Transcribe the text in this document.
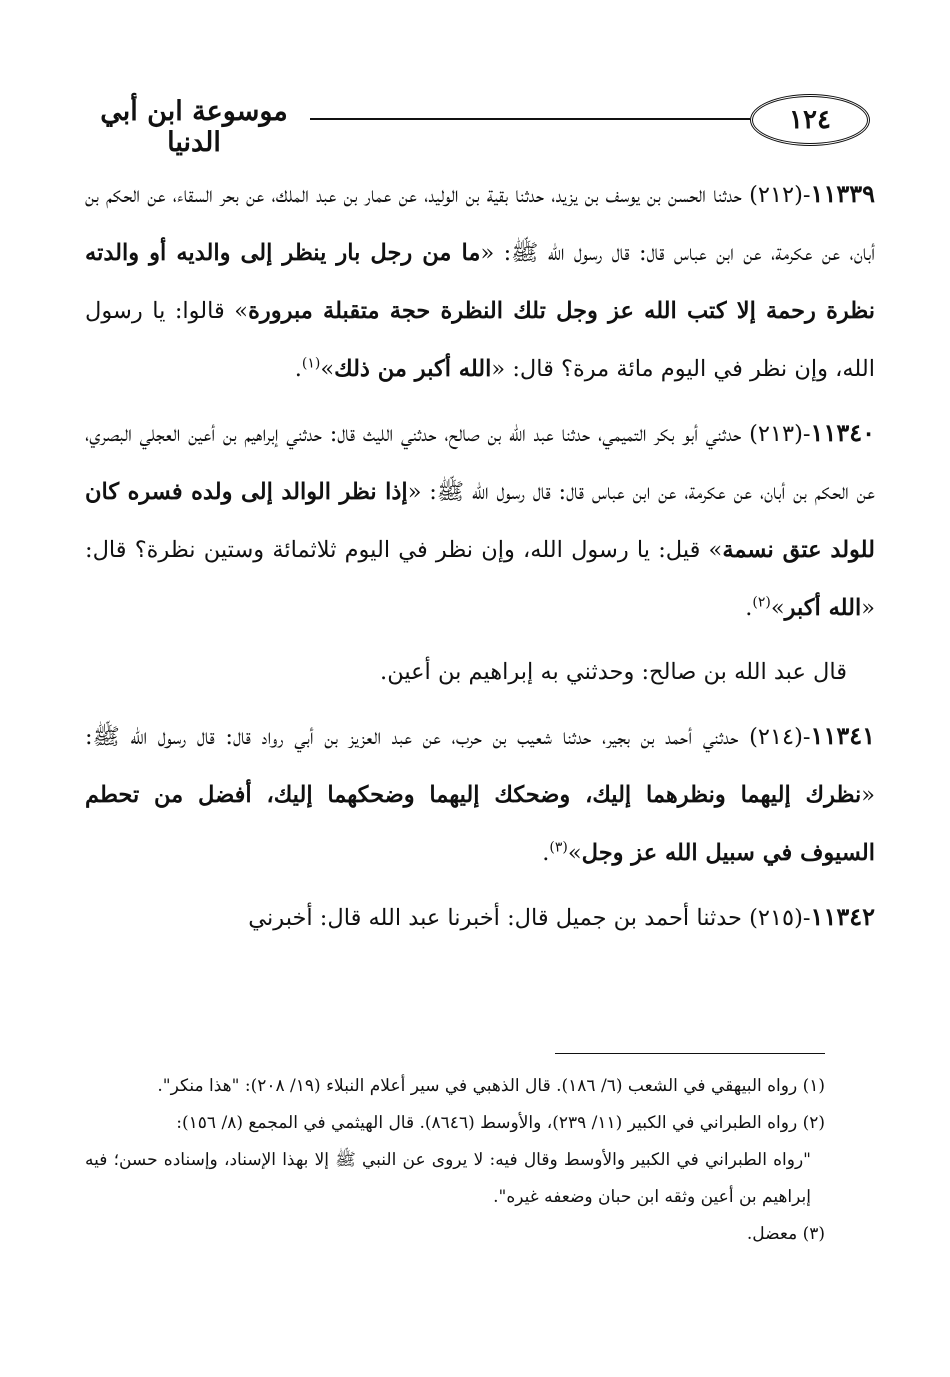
١٢٤
موسوعة ابن أبي الدنيا

١١٣٣٩-(٢١٢) حدثنا الحسن بن يوسف بن يزيد، حدثنا بقية بن الوليد، عن عمار بن عبد الملك، عن بحر السقاء، عن الحكم بن أبان، عن عكرمة، عن ابن عباس قال: قال رسول الله ﷺ: «ما من رجل بار ينظر إلى والديه أو والدته نظرة رحمة إلا كتب الله عز وجل تلك النظرة حجة متقبلة مبرورة» قالوا: يا رسول الله، وإن نظر في اليوم مائة مرة؟ قال: «الله أكبر من ذلك»$^{(١)}$.

١١٣٤٠-(٢١٣) حدثني أبو بكر التميمي، حدثنا عبد الله بن صالح، حدثني الليث قال: حدثني إبراهيم بن أعين العجلي البصري، عن الحكم بن أبان، عن عكرمة، عن ابن عباس قال: قال رسول الله ﷺ: «إذا نظر الوالد إلى ولده فسره كان للولد عتق نسمة» قيل: يا رسول الله، وإن نظر في اليوم ثلاثمائة وستين نظرة؟ قال: «الله أكبر»$^{(٢)}$.

قال عبد الله بن صالح: وحدثني به إبراهيم بن أعين.

١١٣٤١-(٢١٤) حدثني أحمد بن بجير، حدثنا شعيب بن حرب، عن عبد العزيز بن أبي رواد قال: قال رسول الله ﷺ: «نظرك إليهما ونظرهما إليك، وضحكك إليهما وضحكهما إليك، أفضل من تحطم السيوف في سبيل الله عز وجل»$^{(٣)}$.

١١٣٤٢-(٢١٥) حدثنا أحمد بن جميل قال: أخبرنا عبد الله قال: أخبرني

(١) رواه البيهقي في الشعب (٦/ ١٨٦). قال الذهبي في سير أعلام النبلاء (١٩/ ٢٠٨): "هذا منكر".

(٢) رواه الطبراني في الكبير (١١/ ٢٣٩)، والأوسط (٨٦٤٦). قال الهيثمي في المجمع (٨/ ١٥٦):

"رواه الطبراني في الكبير والأوسط وقال فيه: لا يروى عن النبي ﷺ إلا بهذا الإسناد، وإسناده حسن؛ فيه إبراهيم بن أعين وثقه ابن حبان وضعفه غيره".

(٣) معضل.
